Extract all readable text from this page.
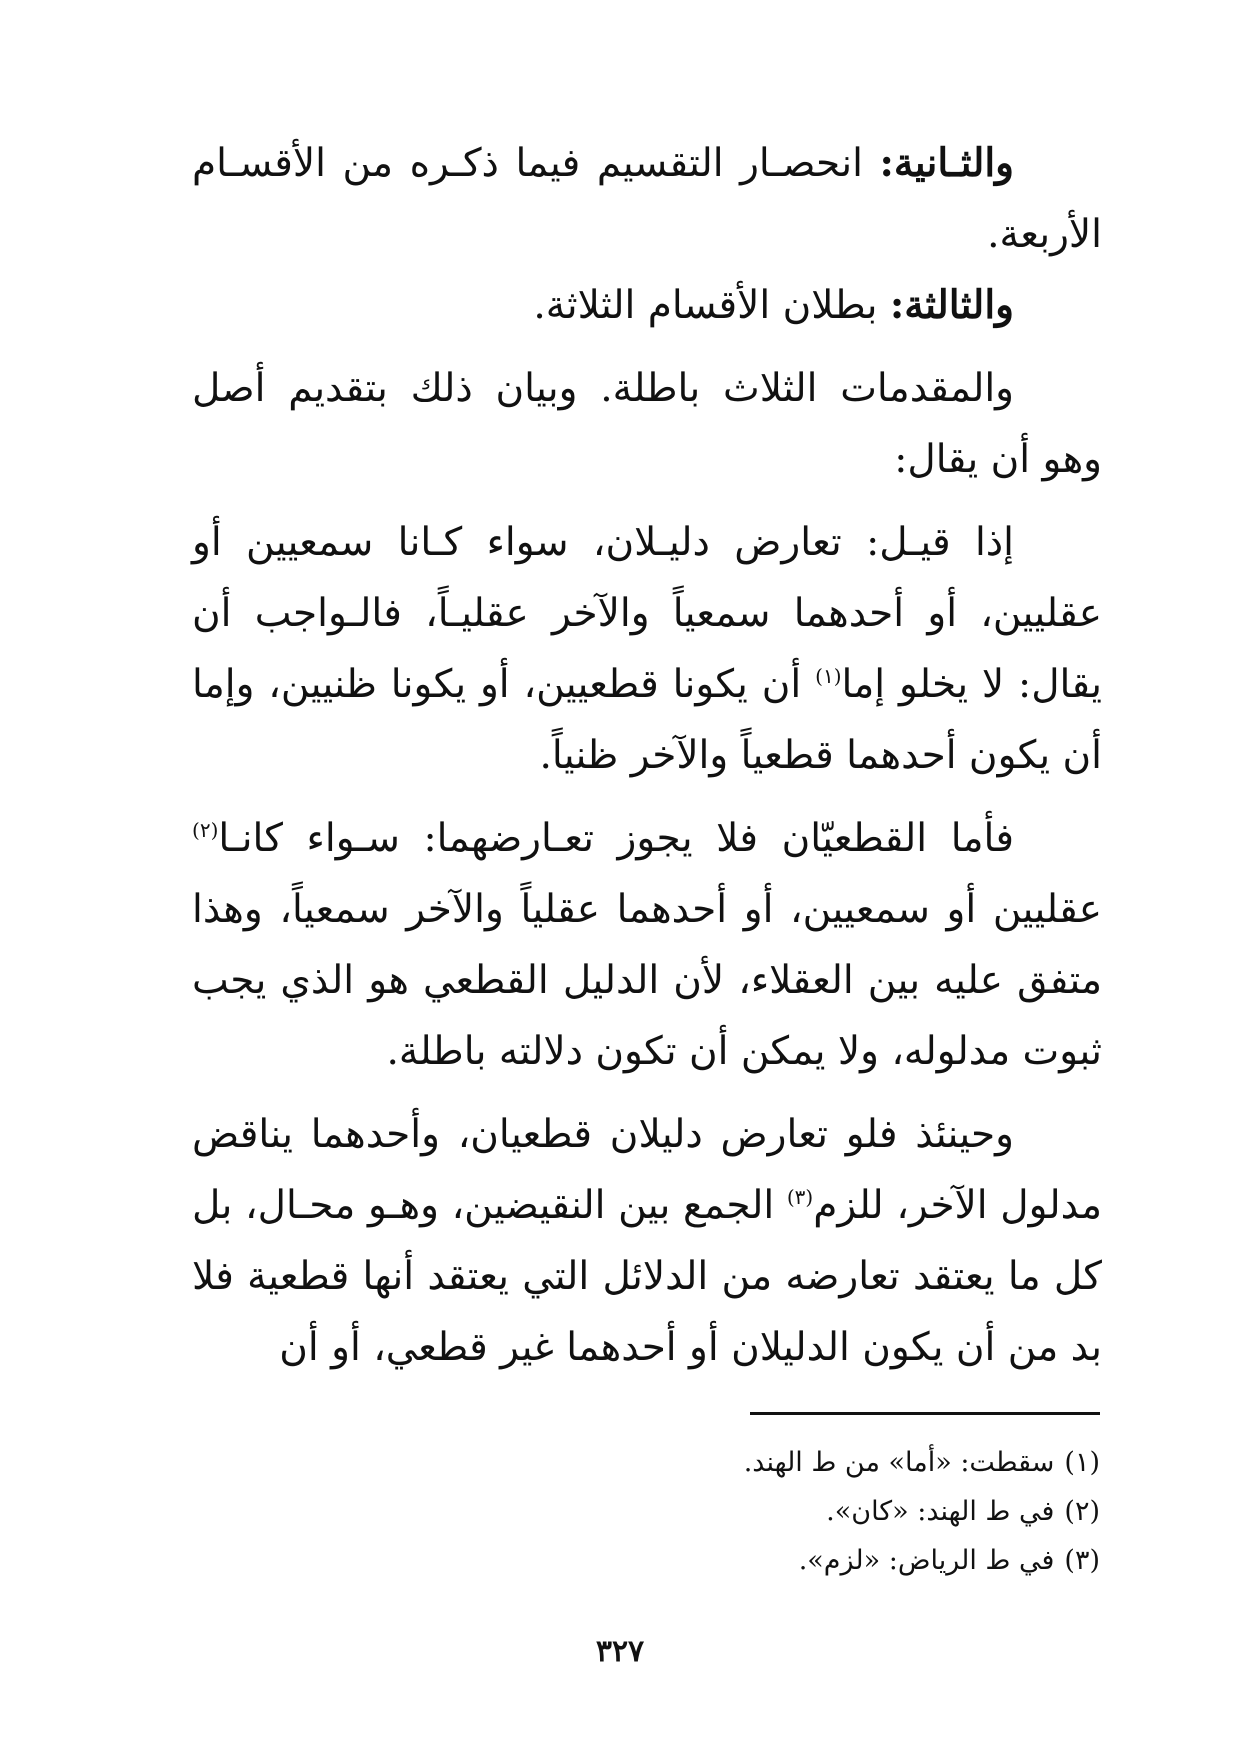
والثـانية: انحصـار التقسيم فيما ذكـره من الأقسـام الأربعة.

والثالثة: بطلان الأقسام الثلاثة.

والمقدمات الثلاث باطلة. وبيان ذلك بتقديم أصل وهو أن يقال:

إذا قيـل: تعارض دليـلان، سواء كـانا سمعيين أو عقليين، أو أحدهما سمعياً والآخر عقليـاً، فالـواجب أن يقال: لا يخلو إما$^{(١)}$ أن يكونا قطعيين، أو يكونا ظنيين، وإما أن يكون أحدهما قطعياً والآخر ظنياً.

فأما القطعيّان فلا يجوز تعـارضهما: سـواء كانـا$^{(٢)}$ عقليين أو سمعيين، أو أحدهما عقلياً والآخر سمعياً، وهذا متفق عليه بين العقلاء، لأن الدليل القطعي هو الذي يجب ثبوت مدلوله، ولا يمكن أن تكون دلالته باطلة.

وحينئذ فلو تعارض دليلان قطعيان، وأحدهما يناقض مدلول الآخر، للزم$^{(٣)}$ الجمع بين النقيضين، وهـو محـال، بل كل ما يعتقد تعارضه من الدلائل التي يعتقد أنها قطعية فلا بد من أن يكون الدليلان أو أحدهما غير قطعي، أو أن

(١)سقطت: «أما» من ط الهند.

(٢)في ط الهند: «كان».

(٣)في ط الرياض: «لزم».

٣٢٧
